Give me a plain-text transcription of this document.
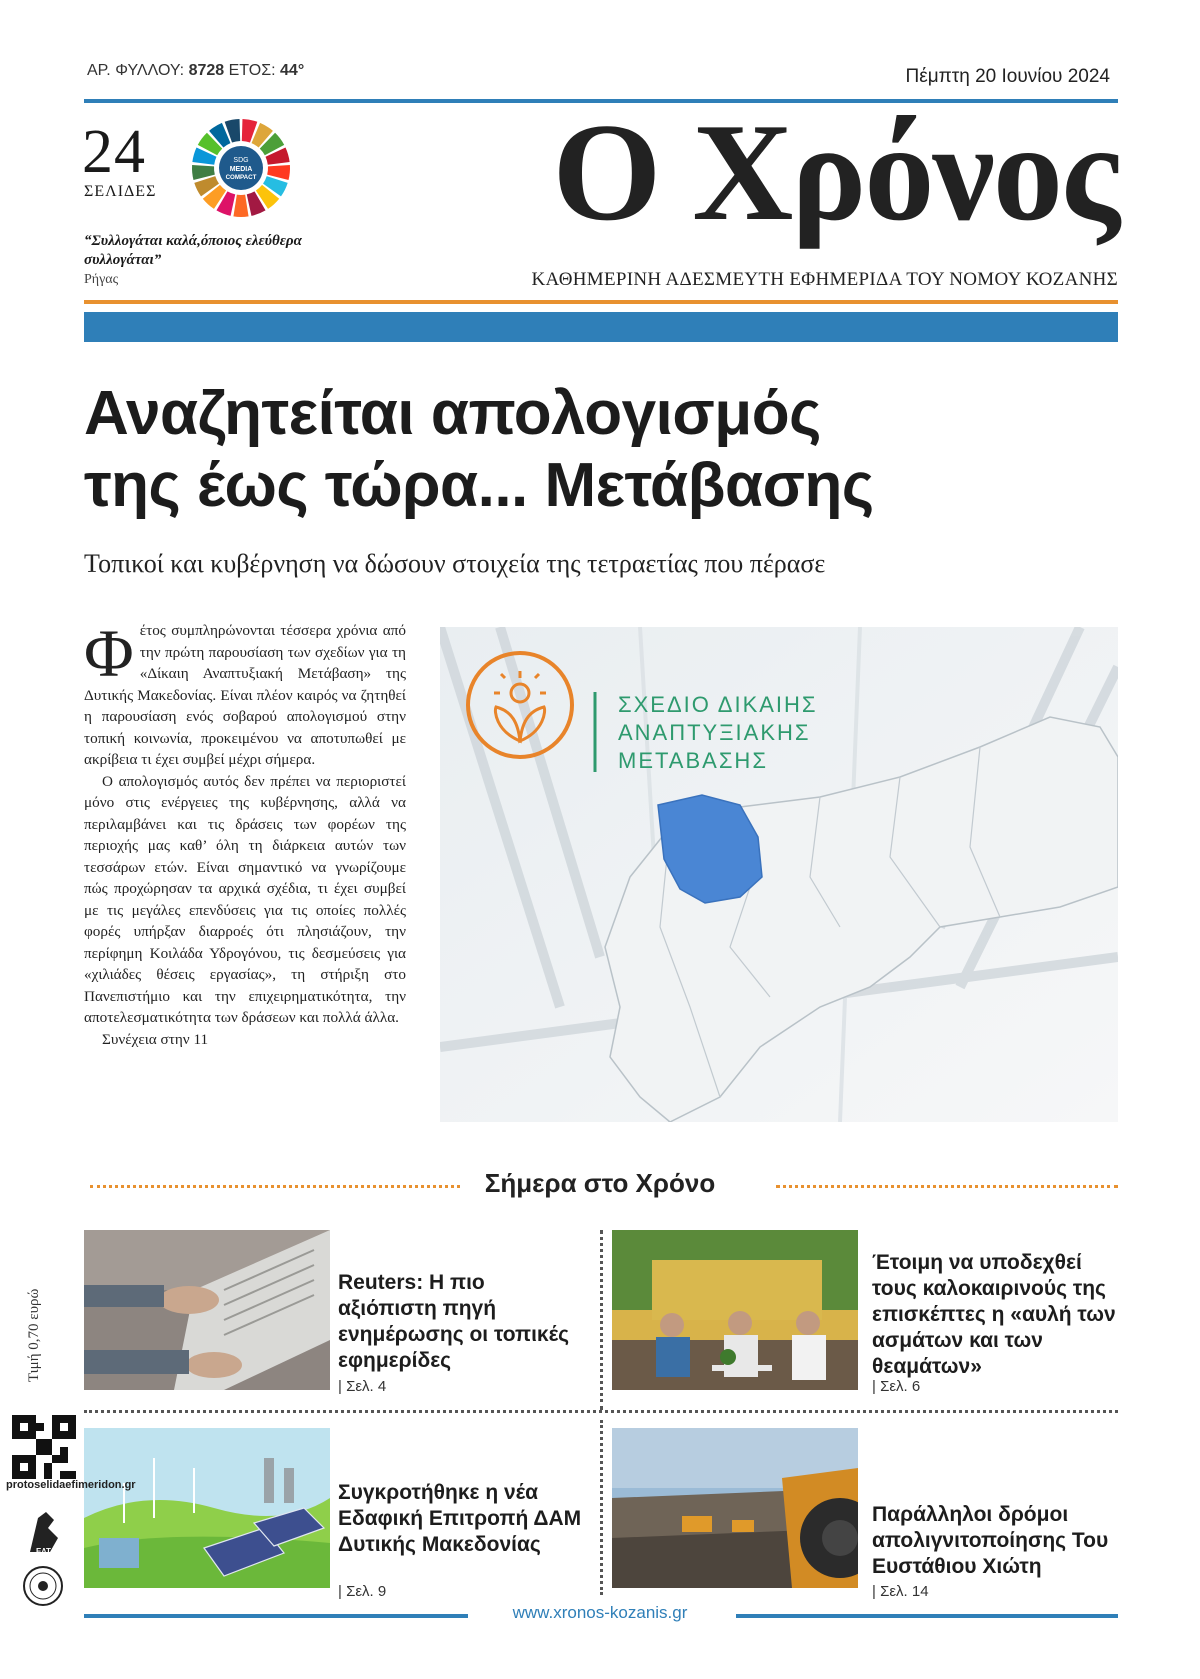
ΑΡ. ΦΥΛΛΟΥ: 8728 ΕΤΟΣ: 44°	Πέμπτη 20 Ιουνίου 2024
24
ΣΕΛΙΔΕΣ
SDG
MEDIA
COMPACT
“Συλλογάται καλά,όποιος ελεύθερα συλλογάται”
Ρήγας
Ο Χρόνος
ΚΑΘΗΜΕΡΙΝΗ ΑΔΕΣΜΕΥΤΗ ΕΦΗΜΕΡΙΔΑ ΤΟΥ ΝΟΜΟΥ ΚΟΖΑΝΗΣ
Αναζητείται απολογισμός
της έως τώρα... Μετάβασης
Τοπικοί και κυβέρνηση να δώσουν στοιχεία της τετραετίας που πέρασε

Φέτος συμπληρώνονται τέσσερα χρόνια από την πρώτη παρουσίαση των σχεδίων για τη «Δίκαιη Αναπτυξιακή Μετάβαση» της Δυτικής Μακεδονίας. Είναι πλέον καιρός να ζητηθεί η παρουσίαση ενός σοβαρού απολογισμού στην τοπική κοινωνία, προκειμένου να αποτυπωθεί με ακρίβεια τι έχει συμβεί μέχρι σήμερα.

Ο απολογισμός αυτός δεν πρέπει να περιοριστεί μόνο στις ενέργειες της κυβέρνησης, αλλά να περιλαμβάνει και τις δράσεις των φορέων της περιοχής μας καθ’ όλη τη διάρκεια αυτών των τεσσάρων ετών. Είναι σημαντικό να γνωρίζουμε πώς προχώρησαν τα αρχικά σχέδια, τι έχει συμβεί με τις μεγάλες επενδύσεις για τις οποίες πολλές φορές υπήρξαν διαρροές ότι πλησιάζουν, την περίφημη Κοιλάδα Υδρογόνου, τις δεσμεύσεις για «χιλιάδες θέσεις εργασίας», τη στήριξη στο Πανεπιστήμιο και την επιχειρηματικότητα, την αποτελεσματικότητα των δράσεων και πολλά άλλα.

Συνέχεια στην 11

ΣΧΕΔΙΟ ΔΙΚΑΙΗΣ
ΑΝΑΠΤΥΞΙΑΚΗΣ
ΜΕΤΑΒΑΣΗΣ
Σήμερα στο Χρόνο
Reuters: Η πιο αξιόπιστη πηγή ενημέρωσης οι τοπικές εφημερίδες
| Σελ. 4
Έτοιμη να υποδεχθεί τους καλοκαιρινούς της επισκέπτες η «αυλή των ασμάτων και των θεαμάτων»
| Σελ. 6
Συγκροτήθηκε η νέα Εδαφική Επιτροπή ΔΑΜ Δυτικής Μακεδονίας
| Σελ. 9
Παράλληλοι δρόμοι απολιγνιτοποίησης Του Ευστάθιου Χιώτη
| Σελ. 14
Τιμή 0,70 ευρώ
protoselidaefimeridon.gr
ΕΛΤΑ
www.xronos-kozanis.gr
